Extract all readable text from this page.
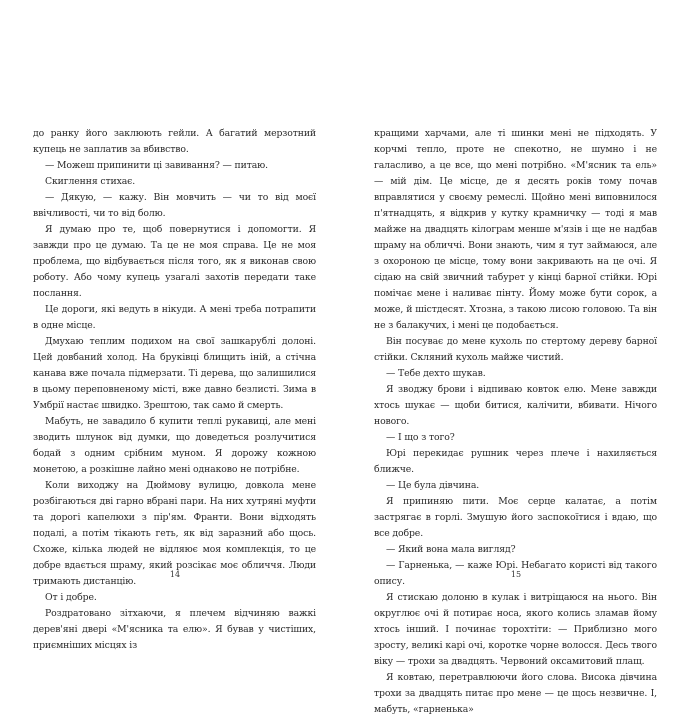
до ранку його заклюють гейли. А багатий мерзотний купець не заплатив за вбивство.

— Можеш припинити ці завивання? — питаю.

Скиглення стихає.

— Дякую, — кажу. Він мовчить — чи то від моєї ввічливості, чи то від болю.

Я думаю про те, щоб повернутися і допомогти. Я завжди про це думаю. Та це не моя справа. Це не моя проблема, що відбувається після того, як я виконав свою роботу. Або чому купець узагалі захотів передати таке послання.

Це дороги, які ведуть в нікуди. А мені треба потрапити в одне місце.

Дмухаю теплим подихом на свої зашкарублі долоні. Цей довбаний холод. На бруківці блищить іній, а стічна канава вже почала підмерзати. Ті дерева, що залишилися в цьому переповненому місті, вже давно безлисті. Зима в Умбрії настає швидко. Зрештою, так само й смерть.

Мабуть, не завадило б купити теплі рукавиці, але мені зводить шлунок від думки, що доведеться розлучитися бодай з одним срібним муном. Я дорожу кожною монетою, а розкішне лайно мені однаково не потрібне.

Коли виходжу на Дюймову вулицю, довкола мене розбігаються дві гарно вбрані пари. На них хутряні муфти та дорогі капелюхи з пір'ям. Франти. Вони відходять подалі, а потім тікають геть, як від заразний або щось. Схоже, кілька людей не відляює моя комплекція, то це добре вдається шраму, який розсікає моє обличчя. Люди тримають дистанцію.

От і добре.

Роздратовано зітхаючи, я плечем відчиняю важкі дерев'яні двері «М'ясника та елю». Я бував у чистіших, приємніших місцях із

14

кращими харчами, але ті шинки мені не підходять. У корчмі тепло, проте не спекотно, не шумно і не галасливо, а це все, що мені потрібно. «М'ясник та ель» — мій дім. Це місце, де я десять років тому почав вправлятися у своєму ремеслі. Щойно мені виповнилося п'ятнадцять, я відкрив у кутку крамничку — тоді я мав майже на двадцять кілограм менше м'язів і ще не надбав шраму на обличчі. Вони знають, чим я тут займаюся, але з охороною це місце, тому вони закривають на це очі. Я сідаю на свій звичний табурет у кінці барної стійки. Юрі помічає мене і наливає пінту. Йому може бути сорок, а може, й шістдесят. Хтозна, з такою лисою головою. Та він не з балакучих, і мені це подобається.

Він посуває до мене кухоль по стертому дереву барної стійки. Скляний кухоль майже чистий.

— Тебе дехто шукав.

Я зводжу брови і відпиваю ковток елю. Мене завжди хтось шукає — щоби битися, калічити, вбивати. Нічого нового.

— І що з того?

Юрі перекидає рушник через плече і нахиляється ближче.

— Це була дівчина.

Я припиняю пити. Моє серце калатає, а потім застрягає в горлі. Змушую його заспокоїтися і вдаю, що все добре.

— Який вона мала вигляд?

— Гарненька, — каже Юрі. Небагато користі від такого опису.

Я стискаю долоню в кулак і витріщаюся на нього. Він округлює очі й потирає носа, якого колись зламав йому хтось інший. І починає торохтіти: — Приблизно мого зросту, великі карі очі, коротке чорне волосся. Десь твого віку — трохи за двадцять. Червоний оксамитовий плащ.

Я ковтаю, перетравлюючи його слова. Висока дівчина трохи за двадцять питає про мене — це щось незвичне. І, мабуть, «гарненька»

15
